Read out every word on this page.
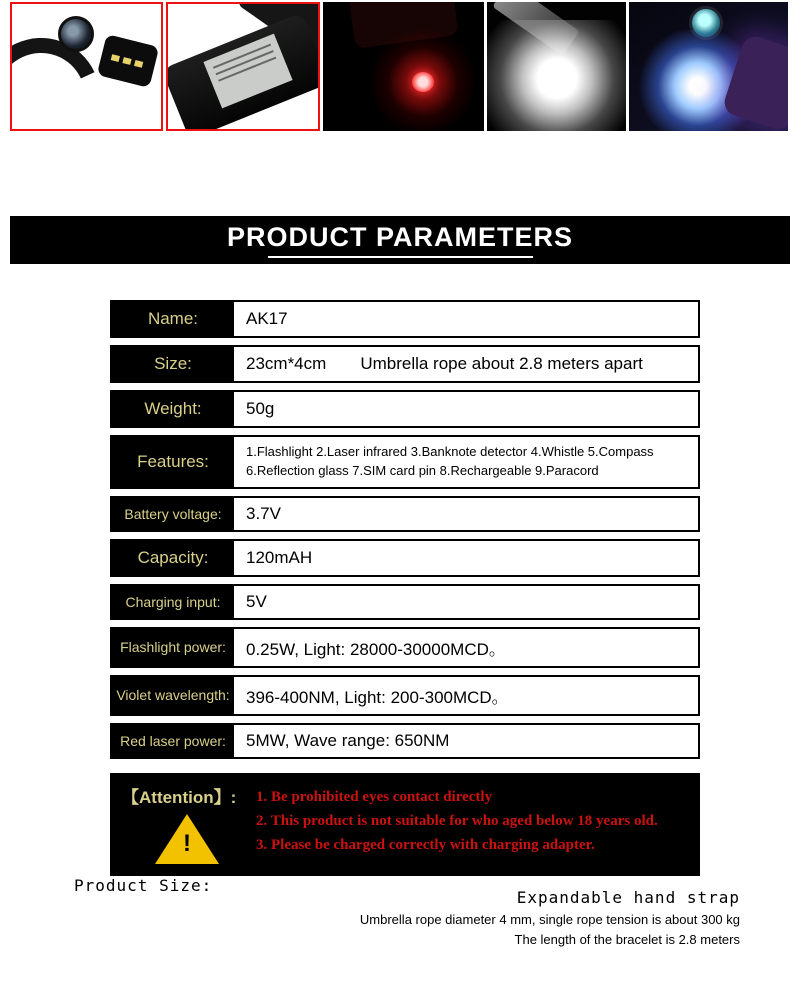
PRODUCT PARAMETERS
Name:	AK17
Size:	23cm*4cm Umbrella rope about 2.8 meters apart
Weight:	50g
Features:
1.Flashlight 2.Laser infrared 3.Banknote detector 4.Whistle 5.Compass
6.Reflection glass 7.SIM card pin 8.Rechargeable 9.Paracord
Battery voltage:	3.7V
Capacity:	120mAH
Charging input:	5V
Flashlight power:	0.25W, Light: 28000-30000MCD。
Violet wavelength: 396-400NM, Light: 200-300MCD。
Red laser power:	5MW, Wave range: 650NM
【Attention】:
!
1. Be prohibited eyes contact directly
2. This product is not suitable for who aged below 18 years old.
3. Please be charged correctly with charging adapter.
Product Size:
Expandable hand strap
Umbrella rope diameter 4 mm, single rope tension is about 300 kg
The length of the bracelet is 2.8 meters
